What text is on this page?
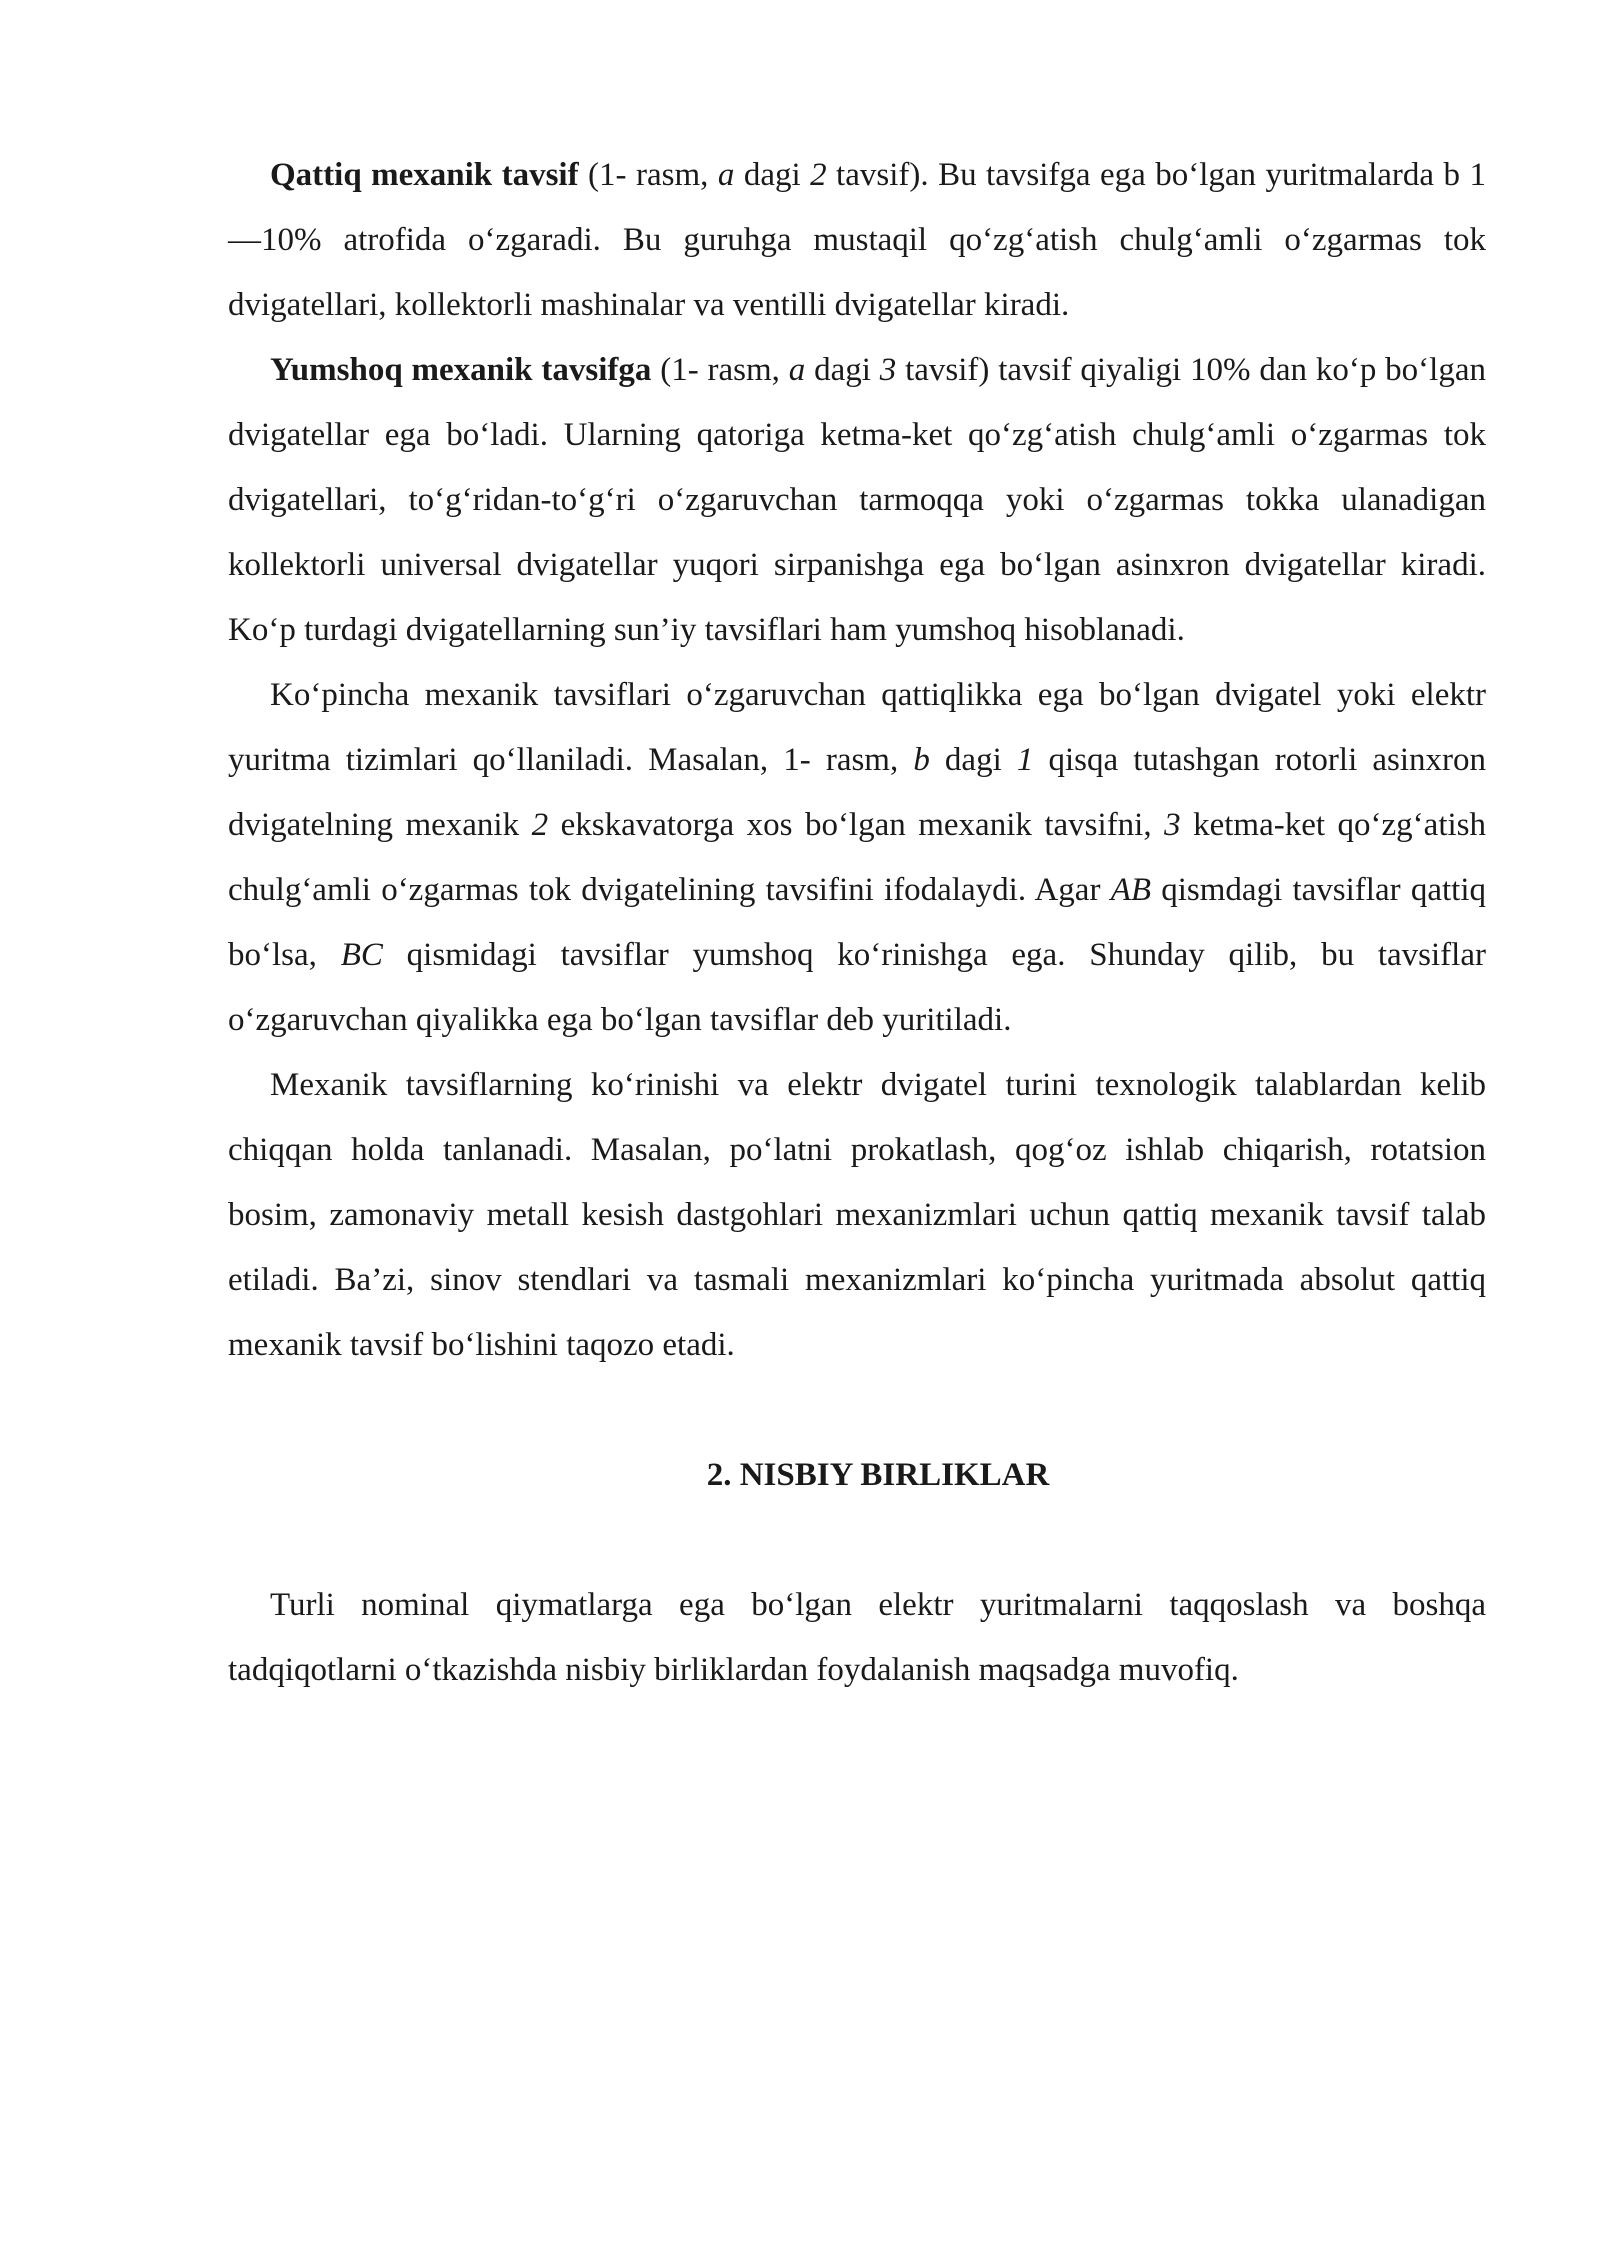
Qattiq mexanik tavsif (1- rasm, a dagi 2 tavsif). Bu tavsifga ega bo‘lgan yuritmalarda b 1—10% atrofida o‘zgaradi. Bu guruhga mustaqil qo‘zg‘atish chulg‘amli o‘zgarmas tok dvigatellari, kollektorli mashinalar va ventilli dvigatellar kiradi.

Yumshoq mexanik tavsifga (1- rasm, a dagi 3 tavsif) tavsif qiyaligi 10% dan ko‘p bo‘lgan dvigatellar ega bo‘ladi. Ularning qatoriga ketma-ket qo‘zg‘atish chulg‘amli o‘zgarmas tok dvigatellari, to‘g‘ridan-to‘g‘ri o‘zgaruvchan tarmoqqa yoki o‘zgarmas tokka ulanadigan kollektorli universal dvigatellar yuqori sirpanishga ega bo‘lgan asinxron dvigatellar kiradi. Ko‘p turdagi dvigatellarning sun’iy tavsiflari ham yumshoq hisoblanadi.

Ko‘pincha mexanik tavsiflari o‘zgaruvchan qattiqlikka ega bo‘lgan dvigatel yoki elektr yuritma tizimlari qo‘llaniladi. Masalan, 1- rasm, b dagi 1 qisqa tutashgan rotorli asinxron dvigatelning mexanik 2 ekskavatorga xos bo‘lgan mexanik tavsifni, 3 ketma-ket qo‘zg‘atish chulg‘amli o‘zgarmas tok dvigatelining tavsifini ifodalaydi. Agar AB qismdagi tavsiflar qattiq bo‘lsa, BC qismidagi tavsiflar yumshoq ko‘rinishga ega. Shunday qilib, bu tavsiflar o‘zgaruvchan qiyalikka ega bo‘lgan tavsiflar deb yuritiladi.

Mexanik tavsiflarning ko‘rinishi va elektr dvigatel turini texnologik talablardan kelib chiqqan holda tanlanadi. Masalan, po‘latni prokatlash, qog‘oz ishlab chiqarish, rotatsion bosim, zamonaviy metall kesish dastgohlari mexanizmlari uchun qattiq mexanik tavsif talab etiladi. Ba’zi, sinov stendlari va tasmali mexanizmlari ko‘pincha yuritmada absolut qattiq mexanik tavsif bo‘lishini taqozo etadi.

2. NISBIY BIRLIKLAR

Turli nominal qiymatlarga ega bo‘lgan elektr yuritmalarni taqqoslash va boshqa tadqiqotlarni o‘tkazishda nisbiy birliklardan foydalanish maqsadga muvofiq.
